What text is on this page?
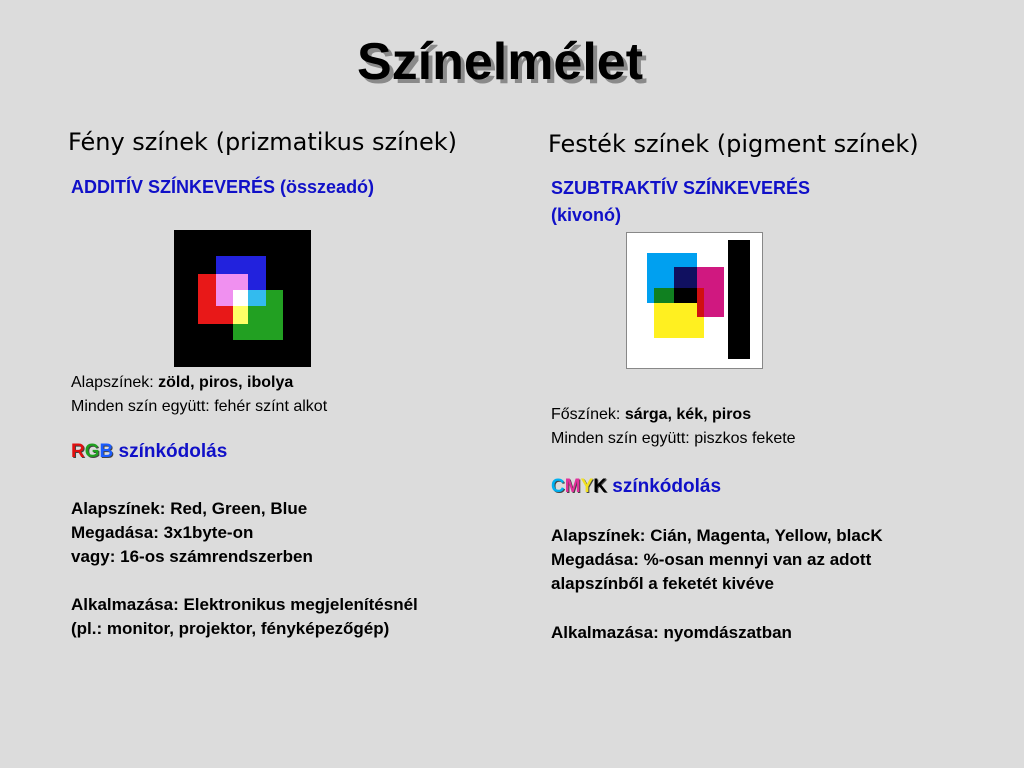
Színelmélet
Fény színek (prizmatikus színek)
ADDITÍV SZÍNKEVERÉS (összeadó)
Alapszínek: zöld, piros, ibolya
Minden szín együtt: fehér színt alkot
RGB színkódolás
Alapszínek: Red, Green, Blue
Megadása: 3x1byte-on
vagy: 16-os számrendszerben
Alkalmazása: Elektronikus megjelenítésnél
(pl.: monitor, projektor, fényképezőgép)
Festék színek (pigment színek)
SZUBTRAKTÍV SZÍNKEVERÉS
(kivonó)
Főszínek: sárga, kék, piros
Minden szín együtt: piszkos fekete
CMYK színkódolás
Alapszínek: Cián, Magenta, Yellow, blacK
Megadása: %-osan mennyi van az adott
alapszínből a feketét kivéve
Alkalmazása: nyomdászatban
